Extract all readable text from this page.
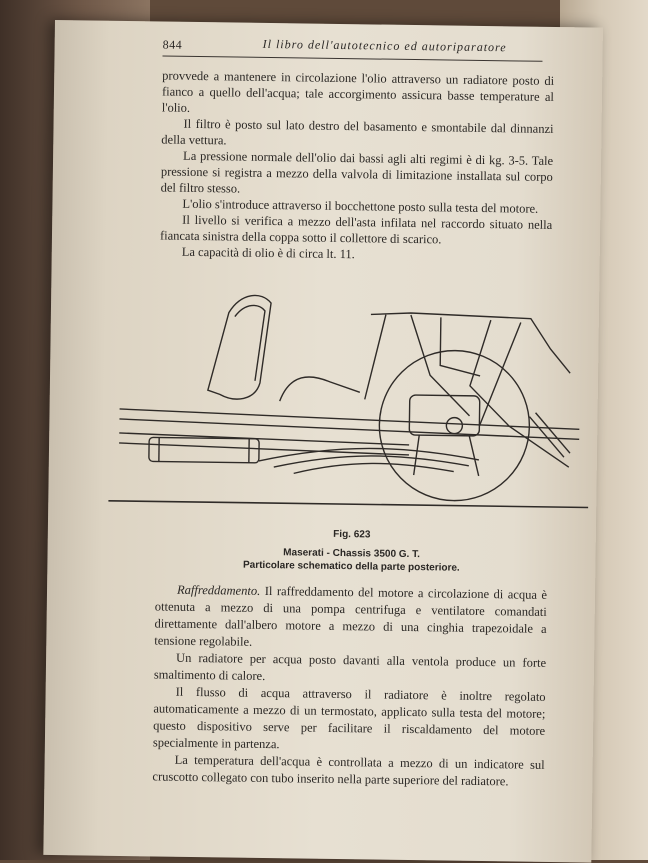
844	Il libro dell'autotecnico ed autoriparatore

provvede a mantenere in circolazione l'olio attraverso un radiatore posto di fianco a quello dell'acqua; tale accorgimento assicura basse temperature al l'olio.

Il filtro è posto sul lato destro del basamento e smontabile dal dinnanzi della vettura.

La pressione normale dell'olio dai bassi agli alti regimi è di kg. 3-5. Tale pressione si registra a mezzo della valvola di limitazione installata sul corpo del filtro stesso.

L'olio s'introduce attraverso il bocchettone posto sulla testa del motore.

Il livello si verifica a mezzo dell'asta infilata nel raccordo situato nella fiancata sinistra della coppa sotto il collettore di scarico.

La capacità di olio è di circa lt. 11.

Fig. 623
Maserati - Chassis 3500 G. T.
Particolare schematico della parte posteriore.

Raffreddamento. Il raffreddamento del motore a circolazione di acqua è ottenuta a mezzo di una pompa centrifuga e ventilatore comandati direttamente dall'albero motore a mezzo di una cinghia trapezoidale a tensione regolabile.

Un radiatore per acqua posto davanti alla ventola produce un forte smaltimento di calore.

Il flusso di acqua attraverso il radiatore è inoltre regolato automaticamente a mezzo di un termostato, applicato sulla testa del motore; questo dispositivo serve per facilitare il riscaldamento del motore specialmente in partenza.

La temperatura dell'acqua è controllata a mezzo di un indicatore sul cruscotto collegato con tubo inserito nella parte superiore del radiatore.
